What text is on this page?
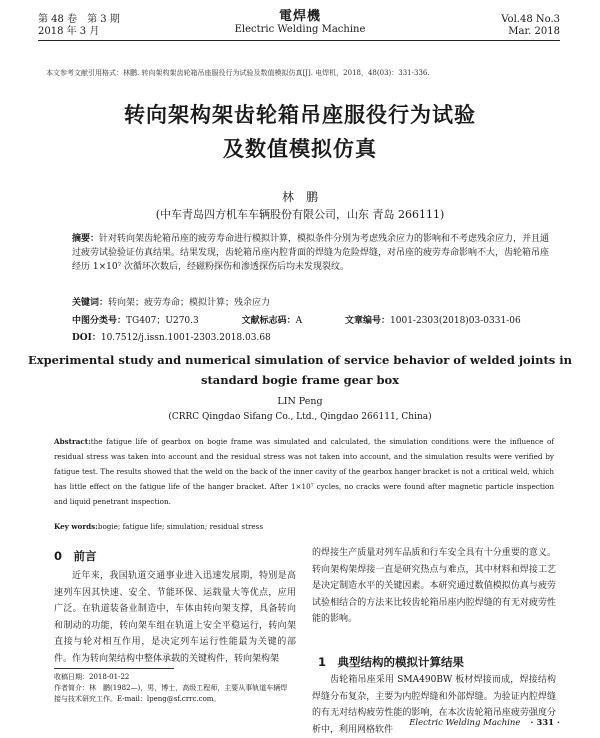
第 48 卷　第 3 期
2018 年 3 月
電焊機
Electric Welding Machine
Vol.48 No.3
Mar. 2018
本文参考文献引用格式：林鹏. 转向架构架齿轮箱吊座服役行为试验及数值模拟仿真[J]. 电焊机，2018，48(03)：331-336.
转向架构架齿轮箱吊座服役行为试验
及数值模拟仿真
林　鹏
(中车青岛四方机车车辆股份有限公司，山东 青岛 266111)
摘要：针对转向架齿轮箱吊座的疲劳寿命进行模拟计算，模拟条件分别为考虑残余应力的影响和不考虑残余应力，并且通过疲劳试验验证仿真结果。结果发现，齿轮箱吊座内腔背面的焊缝为危险焊缝，对吊座的疲劳寿命影响不大，齿轮箱吊座经历 1×10⁷ 次循环次数后，经磁粉探伤和渗透探伤后均未发现裂纹。
关键词：转向架；疲劳寿命；模拟计算；残余应力
中图分类号：TG407；U270.3	文献标志码：A	文章编号：1001-2303(2018)03-0331-06
DOI：10.7512/j.issn.1001-2303.2018.03.68
Experimental study and numerical simulation of service behavior of welded joints in
standard bogie frame gear box
LIN Peng
(CRRC Qingdao Sifang Co., Ltd., Qingdao 266111, China)
Abstract:the fatigue life of gearbox on bogie frame was simulated and calculated, the simulation conditions were the influence of residual stress was taken into account and the residual stress was not taken into account, and the simulation results were verified by fatigue test. The results showed that the weld on the back of the inner cavity of the gearbox hanger bracket is not a critical weld, which has little effect on the fatigue life of the hanger bracket. After 1×10⁷ cycles, no cracks were found after magnetic particle inspection and liquid penetrant inspection.
Key words:bogie; fatigue life; simulation; residual stress
0　前言
近年来，我国轨道交通事业进入迅速发展期，特别是高速列车因其快速、安全、节能环保、运载量大等优点，应用广泛。在轨道装备业制造中，车体由转向架支撑，具备转向和制动的功能，转向架车组在轨道上安全平稳运行，转向架直接与轮对相互作用，是决定列车运行性能最为关键的部件。作为转向架结构中整体承载的关键构件，转向架构架
收稿日期：2018-01-22
作者简介：林　鹏(1982—)，男，博士，高级工程师，主要从事轨道车辆焊接与技术研究工作。E-mail：lpeng@sf.crrc.com。
的焊接生产质量对列车品质和行车安全具有十分重要的意义。转向架构架焊接一直是研究热点与难点，其中材料和焊接工艺是决定制造水平的关键因素。本研究通过数值模拟仿真与疲劳试验相结合的方法来比较齿轮箱吊座内腔焊缝的有无对疲劳性能的影响。
1　典型结构的模拟计算结果
齿轮箱吊座采用 SMA490BW 板材焊接而成，焊接结构焊缝分布复杂，主要为内腔焊缝和外部焊缝。为验证内腔焊缝的有无对结构疲劳性能的影响，在本次齿轮箱吊座疲劳强度分析中，利用网格软件
Electric Welding Machine · 331 ·
